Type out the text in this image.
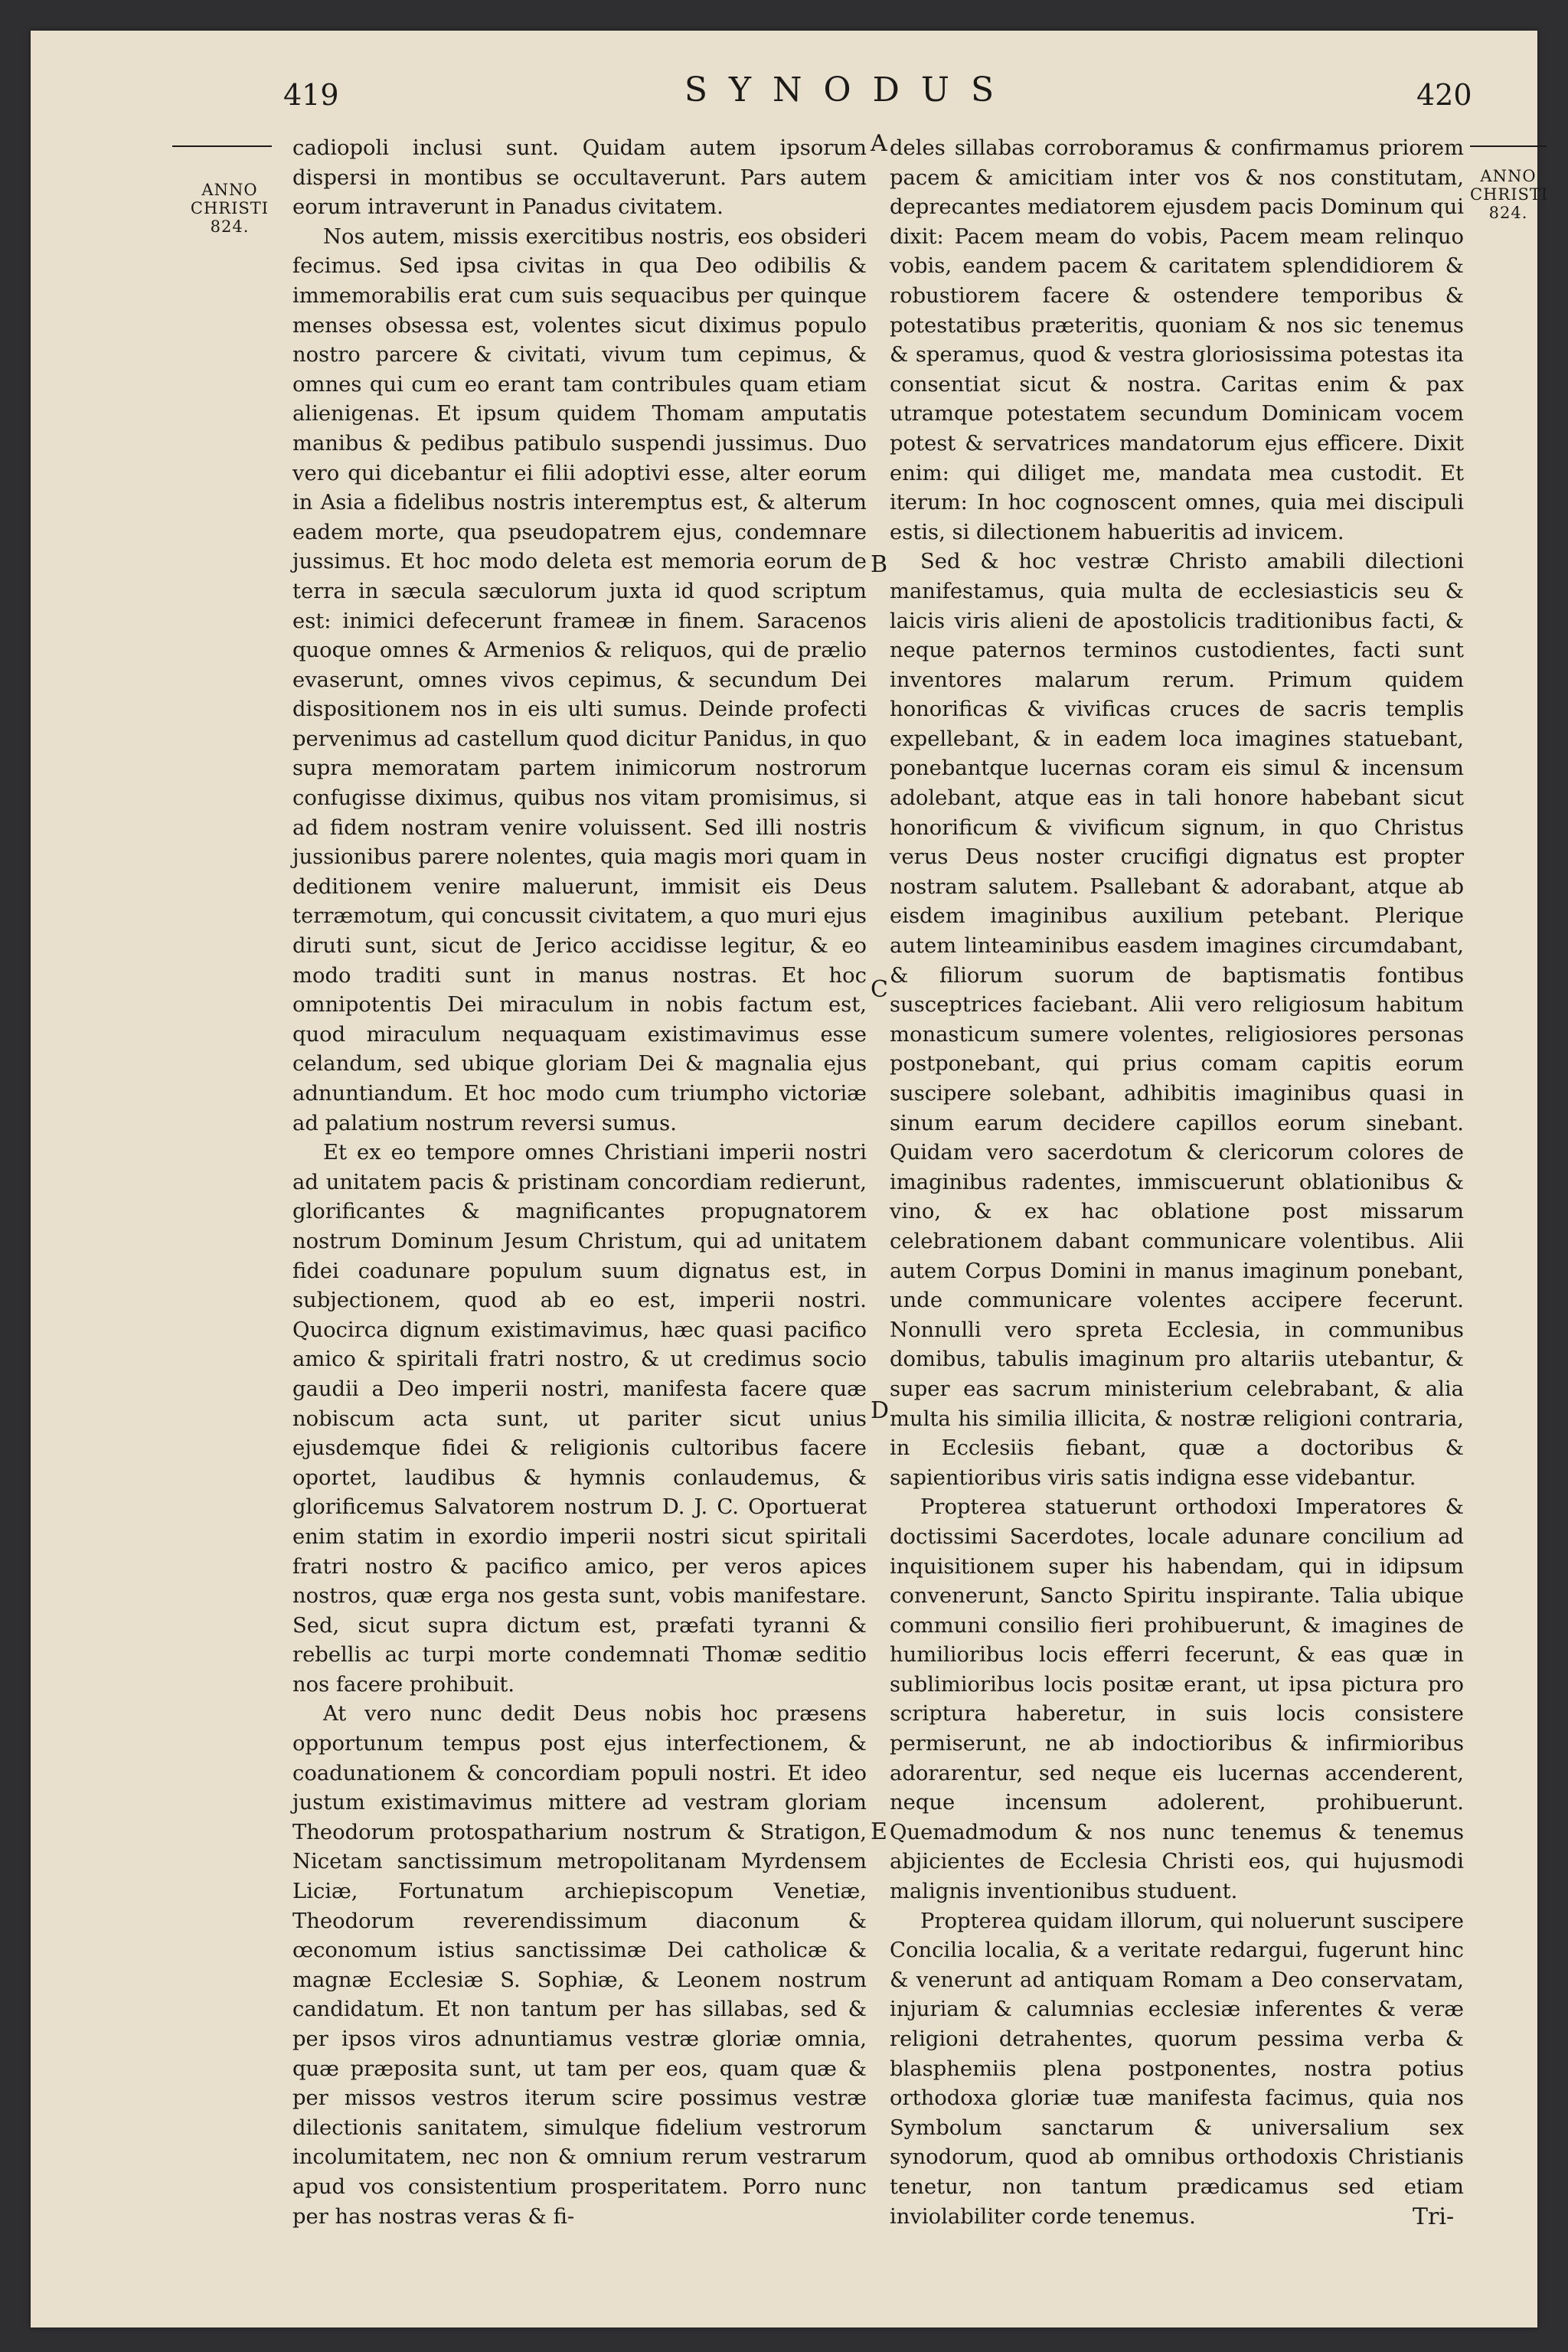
419	SYNODUS	420
ANNO
CHRISTI
824.
ANNO
CHRISTI
824.
A
B
C
D
E

cadiopoli inclusi sunt. Quidam autem ipsorum dispersi in montibus se occultaverunt. Pars autem eorum intraverunt in Panadus civitatem.

Nos autem, missis exercitibus nostris, eos obsideri fecimus. Sed ipsa civitas in qua Deo odibilis & immemorabilis erat cum suis sequacibus per quinque menses obsessa est, volentes sicut diximus populo nostro parcere & civitati, vivum tum cepimus, & omnes qui cum eo erant tam contribules quam etiam alienigenas. Et ipsum quidem Thomam amputatis manibus & pedibus patibulo suspendi jussimus. Duo vero qui dicebantur ei filii adoptivi esse, alter eorum in Asia a fidelibus nostris interemptus est, & alterum eadem morte, qua pseudopatrem ejus, condemnare jussimus. Et hoc modo deleta est memoria eorum de terra in sæcula sæculorum juxta id quod scriptum est: inimici defecerunt frameæ in finem. Saracenos quoque omnes & Armenios & reliquos, qui de prælio evaserunt, omnes vivos cepimus, & secundum Dei dispositionem nos in eis ulti sumus. Deinde profecti pervenimus ad castellum quod dicitur Panidus, in quo supra memoratam partem inimicorum nostrorum confugisse diximus, quibus nos vitam promisimus, si ad fidem nostram venire voluissent. Sed illi nostris jussionibus parere nolentes, quia magis mori quam in deditionem venire maluerunt, immisit eis Deus terræmotum, qui concussit civitatem, a quo muri ejus diruti sunt, sicut de Jerico accidisse legitur, & eo modo traditi sunt in manus nostras. Et hoc omnipotentis Dei miraculum in nobis factum est, quod miraculum nequaquam existimavimus esse celandum, sed ubique gloriam Dei & magnalia ejus adnuntiandum. Et hoc modo cum triumpho victoriæ ad palatium nostrum reversi sumus.

Et ex eo tempore omnes Christiani imperii nostri ad unitatem pacis & pristinam concordiam redierunt, glorificantes & magnificantes propugnatorem nostrum Dominum Jesum Christum, qui ad unitatem fidei coadunare populum suum dignatus est, in subjectionem, quod ab eo est, imperii nostri. Quocirca dignum existimavimus, hæc quasi pacifico amico & spiritali fratri nostro, & ut credimus socio gaudii a Deo imperii nostri, manifesta facere quæ nobiscum acta sunt, ut pariter sicut unius ejusdemque fidei & religionis cultoribus facere oportet, laudibus & hymnis conlaudemus, & glorificemus Salvatorem nostrum D. J. C. Oportuerat enim statim in exordio imperii nostri sicut spiritali fratri nostro & pacifico amico, per veros apices nostros, quæ erga nos gesta sunt, vobis manifestare. Sed, sicut supra dictum est, præfati tyranni & rebellis ac turpi morte condemnati Thomæ seditio nos facere prohibuit.

At vero nunc dedit Deus nobis hoc præsens opportunum tempus post ejus interfectionem, & coadunationem & concordiam populi nostri. Et ideo justum existimavimus mittere ad vestram gloriam Theodorum protospatharium nostrum & Stratigon, Nicetam sanctissimum metropolitanam Myrdensem Liciæ, Fortunatum archiepiscopum Venetiæ, Theodorum reverendissimum diaconum & œconomum istius sanctissimæ Dei catholicæ & magnæ Ecclesiæ S. Sophiæ, & Leonem nostrum candidatum. Et non tantum per has sillabas, sed & per ipsos viros adnuntiamus vestræ gloriæ omnia, quæ præposita sunt, ut tam per eos, quam quæ & per missos vestros iterum scire possimus vestræ dilectionis sanitatem, simulque fidelium vestrorum incolumitatem, nec non & omnium rerum vestrarum apud vos consistentium prosperitatem. Porro nunc per has nostras veras & fi-

deles sillabas corroboramus & confirmamus priorem pacem & amicitiam inter vos & nos constitutam, deprecantes mediatorem ejusdem pacis Dominum qui dixit: Pacem meam do vobis, Pacem meam relinquo vobis, eandem pacem & caritatem splendidiorem & robustiorem facere & ostendere temporibus & potestatibus præteritis, quoniam & nos sic tenemus & speramus, quod & vestra gloriosissima potestas ita consentiat sicut & nostra. Caritas enim & pax utramque potestatem secundum Dominicam vocem potest & servatrices mandatorum ejus efficere. Dixit enim: qui diliget me, mandata mea custodit. Et iterum: In hoc cognoscent omnes, quia mei discipuli estis, si dilectionem habueritis ad invicem.

Sed & hoc vestræ Christo amabili dilectioni manifestamus, quia multa de ecclesiasticis seu & laicis viris alieni de apostolicis traditionibus facti, & neque paternos terminos custodientes, facti sunt inventores malarum rerum. Primum quidem honorificas & vivificas cruces de sacris templis expellebant, & in eadem loca imagines statuebant, ponebantque lucernas coram eis simul & incensum adolebant, atque eas in tali honore habebant sicut honorificum & vivificum signum, in quo Christus verus Deus noster crucifigi dignatus est propter nostram salutem. Psallebant & adorabant, atque ab eisdem imaginibus auxilium petebant. Plerique autem linteaminibus easdem imagines circumdabant, & filiorum suorum de baptismatis fontibus susceptrices faciebant. Alii vero religiosum habitum monasticum sumere volentes, religiosiores personas postponebant, qui prius comam capitis eorum suscipere solebant, adhibitis imaginibus quasi in sinum earum decidere capillos eorum sinebant. Quidam vero sacerdotum & clericorum colores de imaginibus radentes, immiscuerunt oblationibus & vino, & ex hac oblatione post missarum celebrationem dabant communicare volentibus. Alii autem Corpus Domini in manus imaginum ponebant, unde communicare volentes accipere fecerunt. Nonnulli vero spreta Ecclesia, in communibus domibus, tabulis imaginum pro altariis utebantur, & super eas sacrum ministerium celebrabant, & alia multa his similia illicita, & nostræ religioni contraria, in Ecclesiis fiebant, quæ a doctoribus & sapientioribus viris satis indigna esse videbantur.

Propterea statuerunt orthodoxi Imperatores & doctissimi Sacerdotes, locale adunare concilium ad inquisitionem super his habendam, qui in idipsum convenerunt, Sancto Spiritu inspirante. Talia ubique communi consilio fieri prohibuerunt, & imagines de humilioribus locis efferri fecerunt, & eas quæ in sublimioribus locis positæ erant, ut ipsa pictura pro scriptura haberetur, in suis locis consistere permiserunt, ne ab indoctioribus & infirmioribus adorarentur, sed neque eis lucernas accenderent, neque incensum adolerent, prohibuerunt. Quemadmodum & nos nunc tenemus & tenemus abjicientes de Ecclesia Christi eos, qui hujusmodi malignis inventionibus studuent.

Propterea quidam illorum, qui noluerunt suscipere Concilia localia, & a veritate redargui, fugerunt hinc & venerunt ad antiquam Romam a Deo conservatam, injuriam & calumnias ecclesiæ inferentes & veræ religioni detrahentes, quorum pessima verba & blasphemiis plena postponentes, nostra potius orthodoxa gloriæ tuæ manifesta facimus, quia nos Symbolum sanctarum & universalium sex synodorum, quod ab omnibus orthodoxis Christianis tenetur, non tantum prædicamus sed etiam inviolabiliter corde tenemus.	Tri-
